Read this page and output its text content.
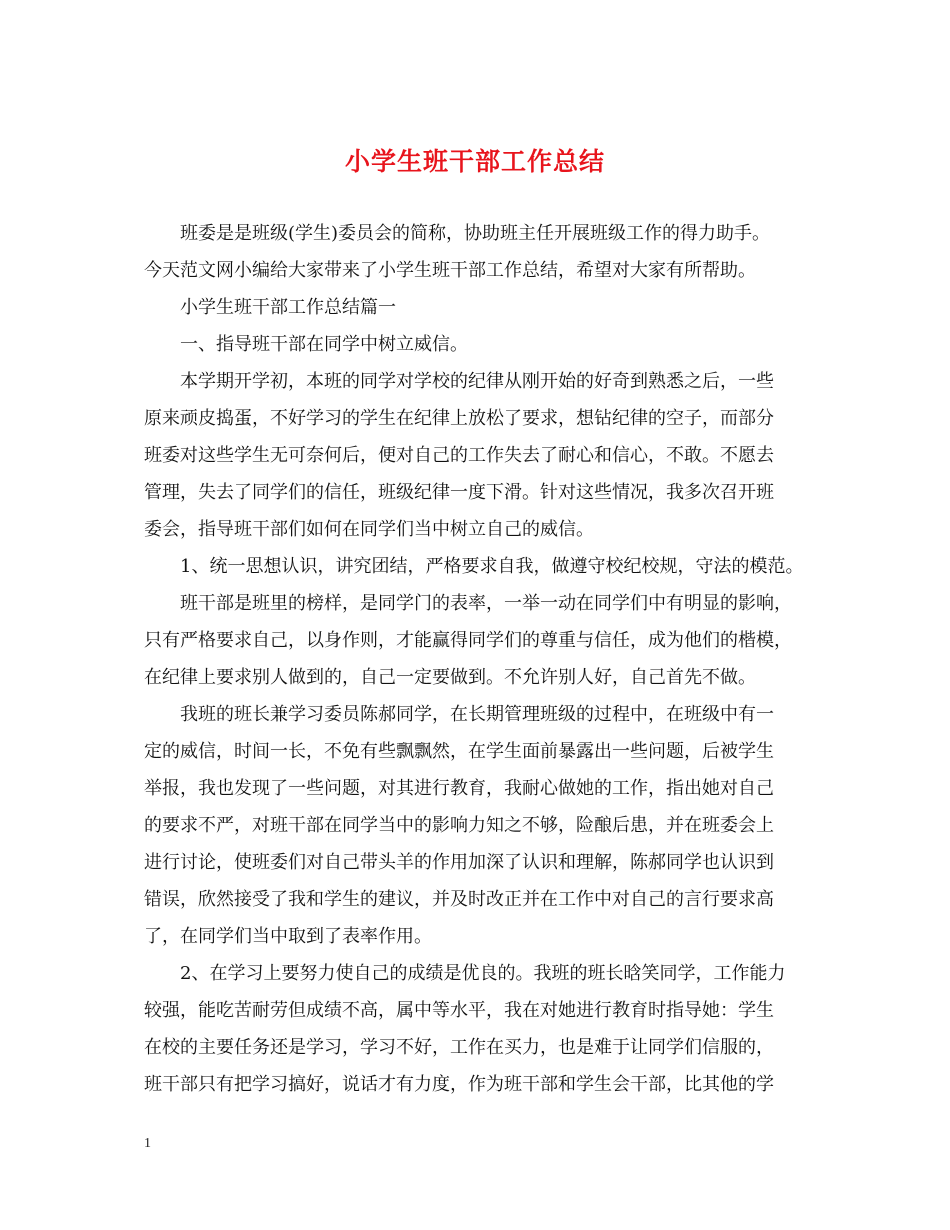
小学生班干部工作总结
班委是是班级(学生)委员会的简称，协助班主任开展班级工作的得力助手。
今天范文网小编给大家带来了小学生班干部工作总结，希望对大家有所帮助。
小学生班干部工作总结篇一
一、指导班干部在同学中树立威信。
本学期开学初，本班的同学对学校的纪律从刚开始的好奇到熟悉之后，一些
原来顽皮捣蛋，不好学习的学生在纪律上放松了要求，想钻纪律的空子，而部分
班委对这些学生无可奈何后，便对自己的工作失去了耐心和信心，不敢。不愿去
管理，失去了同学们的信任，班级纪律一度下滑。针对这些情况，我多次召开班
委会，指导班干部们如何在同学们当中树立自己的威信。
1、统一思想认识，讲究团结，严格要求自我，做遵守校纪校规，守法的模范。
班干部是班里的榜样，是同学门的表率，一举一动在同学们中有明显的影响，
只有严格要求自己，以身作则，才能赢得同学们的尊重与信任，成为他们的楷模，
在纪律上要求别人做到的，自己一定要做到。不允许别人好，自己首先不做。
我班的班长兼学习委员陈郝同学，在长期管理班级的过程中，在班级中有一
定的威信，时间一长，不免有些飘飘然，在学生面前暴露出一些问题，后被学生
举报，我也发现了一些问题，对其进行教育，我耐心做她的工作，指出她对自己
的要求不严，对班干部在同学当中的影响力知之不够，险酿后患，并在班委会上
进行讨论，使班委们对自己带头羊的作用加深了认识和理解，陈郝同学也认识到
错误，欣然接受了我和学生的建议，并及时改正并在工作中对自己的言行要求高
了，在同学们当中取到了表率作用。
2、在学习上要努力使自己的成绩是优良的。我班的班长晗笑同学，工作能力
较强，能吃苦耐劳但成绩不高，属中等水平，我在对她进行教育时指导她：学生
在校的主要任务还是学习，学习不好，工作在买力，也是难于让同学们信服的，
班干部只有把学习搞好，说话才有力度，作为班干部和学生会干部，比其他的学
1
